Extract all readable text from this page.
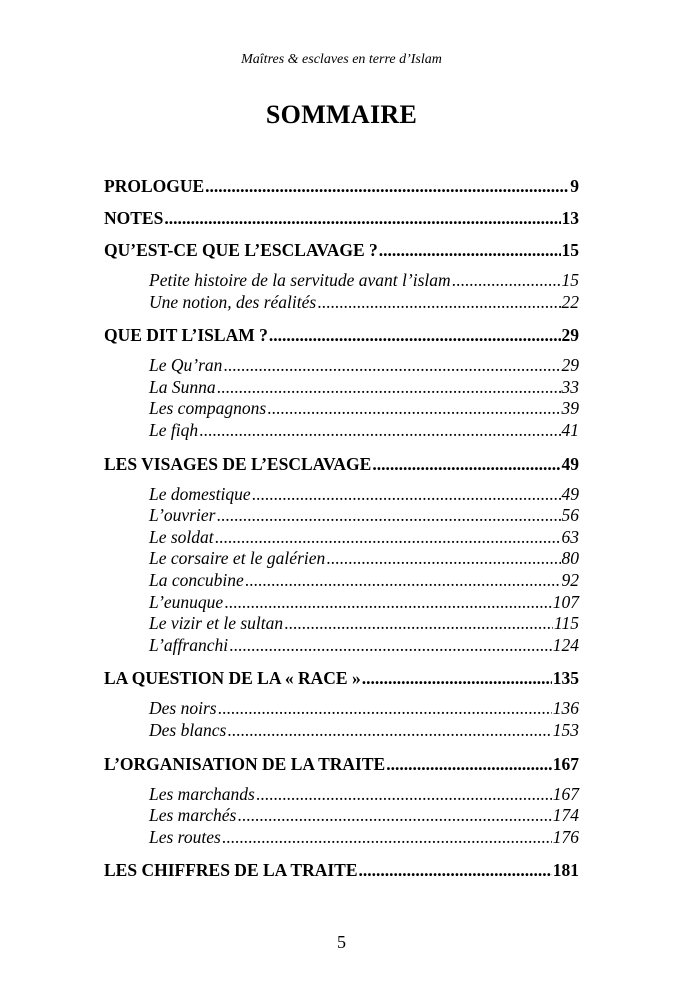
Maîtres & esclaves en terre d’Islam
SOMMAIRE
PROLOGUE .....	9
NOTES .....	13
QU’EST-CE QUE L’ESCLAVAGE ? .....	15
Petite histoire de la servitude avant l’islam .....	15
Une notion, des réalités .....	22
QUE DIT L’ISLAM ? .....	29
Le Qu’ran .....	29
La Sunna .....	33
Les compagnons .....	39
Le fiqh .....	41
LES VISAGES DE L’ESCLAVAGE .....	49
Le domestique .....	49
L’ouvrier .....	56
Le soldat .....	63
Le corsaire et le galérien .....	80
La concubine .....	92
L’eunuque .....	107
Le vizir et le sultan .....	115
L’affranchi .....	124
LA QUESTION DE LA « RACE » .....	135
Des noirs .....	136
Des blancs .....	153
L’ORGANISATION DE LA TRAITE .....	167
Les marchands .....	167
Les marchés .....	174
Les routes .....	176
LES CHIFFRES DE LA TRAITE .....	181
5
